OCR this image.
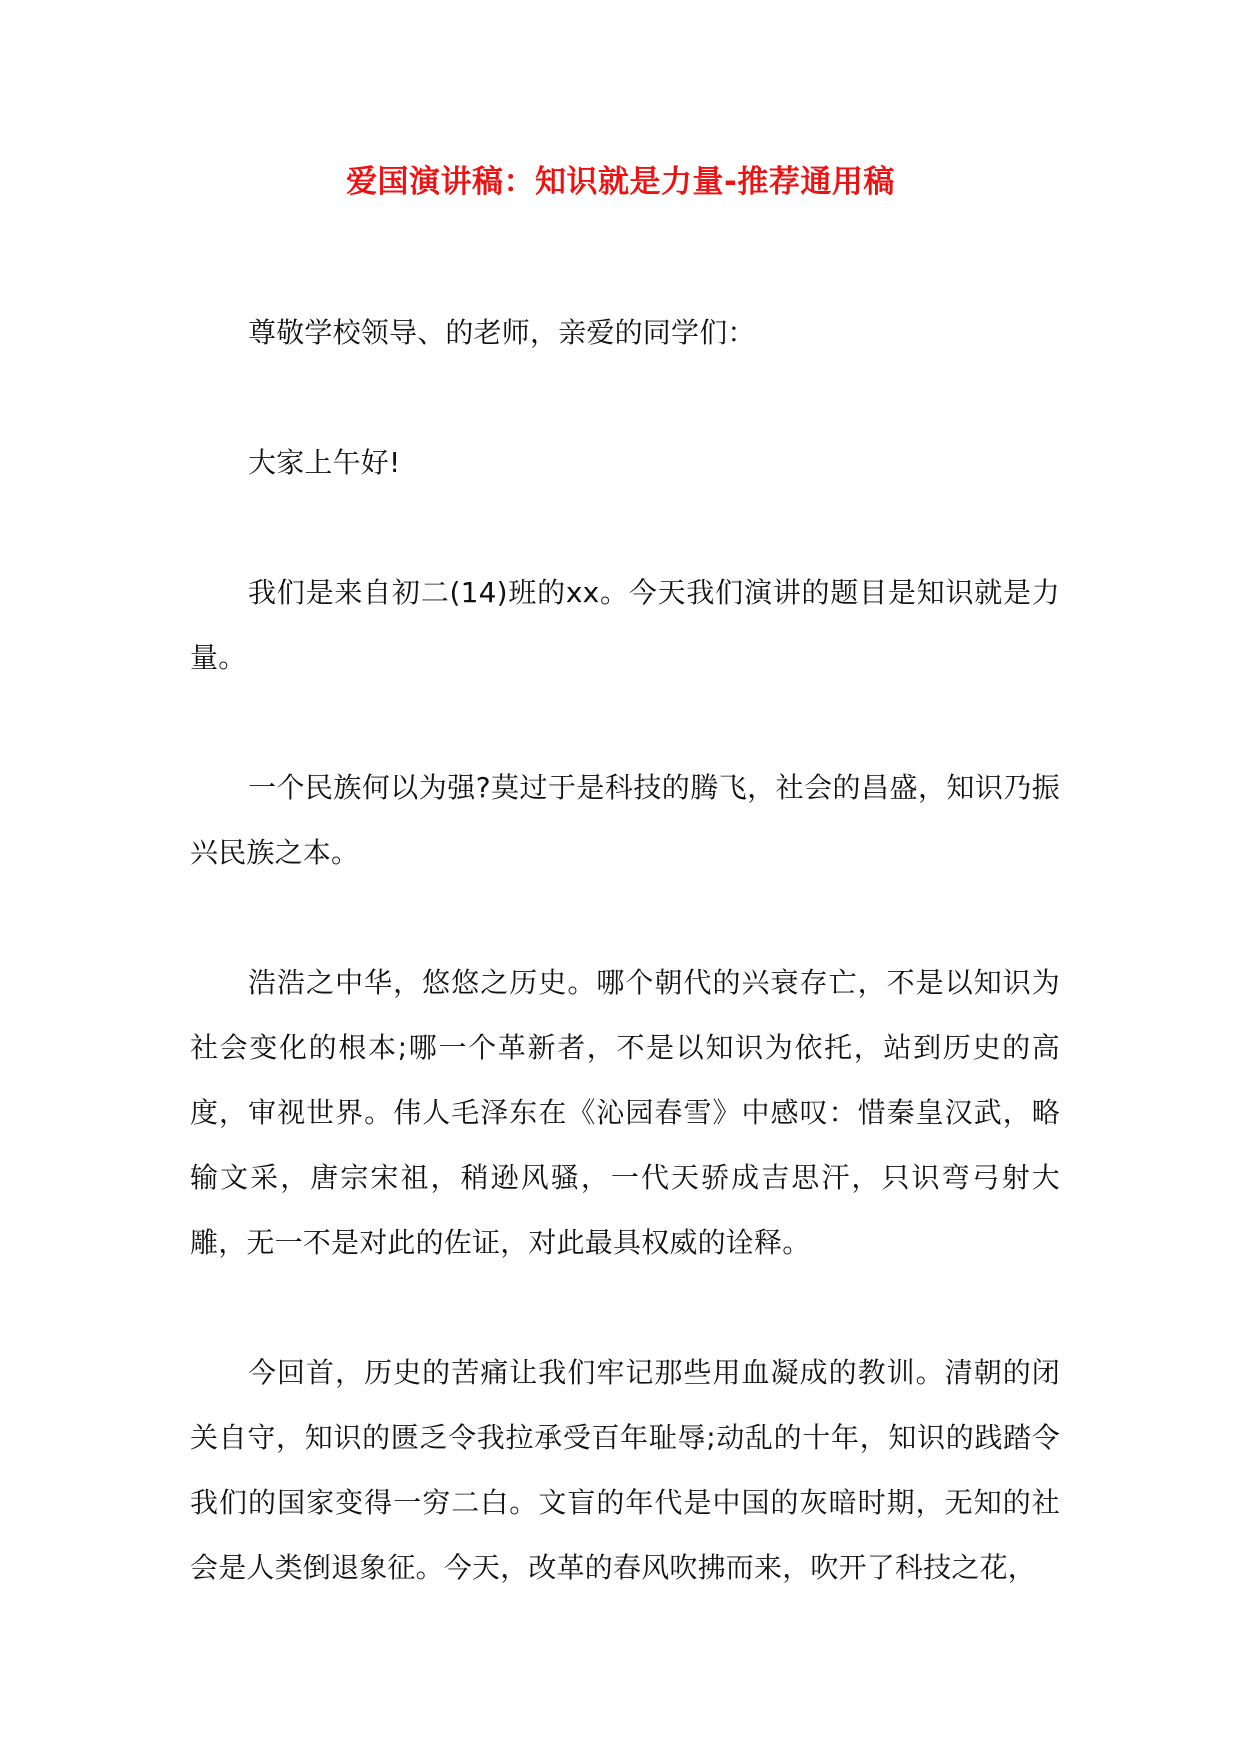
爱国演讲稿：知识就是力量-推荐通用稿

尊敬学校领导、的老师，亲爱的同学们：

大家上午好!

我们是来自初二(14)班的xx。今天我们演讲的题目是知识就是力量。

一个民族何以为强?莫过于是科技的腾飞，社会的昌盛，知识乃振兴民族之本。

浩浩之中华，悠悠之历史。哪个朝代的兴衰存亡，不是以知识为社会变化的根本;哪一个革新者，不是以知识为依托，站到历史的高度，审视世界。伟人毛泽东在《沁园春雪》中感叹：惜秦皇汉武，略输文采，唐宗宋祖，稍逊风骚，一代天骄成吉思汗，只识弯弓射大雕，无一不是对此的佐证，对此最具权威的诠释。

今回首，历史的苦痛让我们牢记那些用血凝成的教训。清朝的闭关自守，知识的匮乏令我拉承受百年耻辱;动乱的十年，知识的践踏令我们的国家变得一穷二白。文盲的年代是中国的灰暗时期，无知的社会是人类倒退象征。今天，改革的春风吹拂而来，吹开了科技之花，
